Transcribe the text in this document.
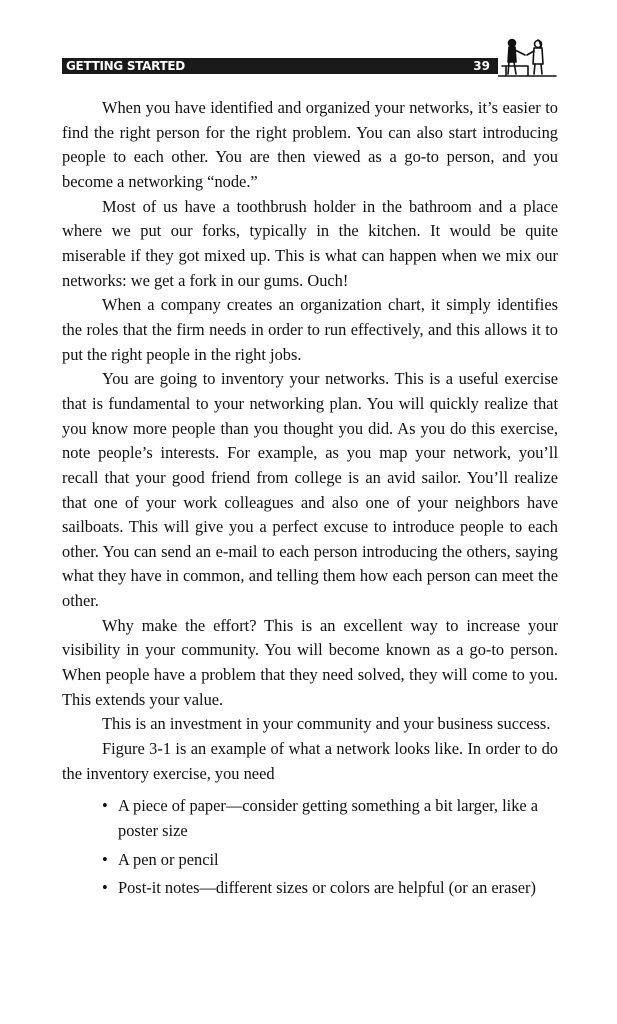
GETTING STARTED	39

When you have identified and organized your networks, it’s easier to find the right person for the right problem. You can also start introducing people to each other. You are then viewed as a go-to person, and you become a networking “node.”

Most of us have a toothbrush holder in the bathroom and a place where we put our forks, typically in the kitchen. It would be quite miserable if they got mixed up. This is what can happen when we mix our networks: we get a fork in our gums. Ouch!

When a company creates an organization chart, it simply identifies the roles that the firm needs in order to run effectively, and this allows it to put the right people in the right jobs.

You are going to inventory your networks. This is a useful exercise that is fundamental to your networking plan. You will quickly realize that you know more people than you thought you did. As you do this exercise, note people’s interests. For example, as you map your network, you’ll recall that your good friend from college is an avid sailor. You’ll realize that one of your work colleagues and also one of your neighbors have sailboats. This will give you a perfect excuse to introduce people to each other. You can send an e-mail to each person introducing the others, saying what they have in common, and telling them how each person can meet the other.

Why make the effort? This is an excellent way to increase your visibility in your community. You will become known as a go-to person. When people have a problem that they need solved, they will come to you. This extends your value.

This is an investment in your community and your business success.

Figure 3-1 is an example of what a network looks like. In order to do the inventory exercise, you need

• A piece of paper—consider getting something a bit larger, like a poster size
• A pen or pencil
• Post-it notes—different sizes or colors are helpful (or an eraser)
